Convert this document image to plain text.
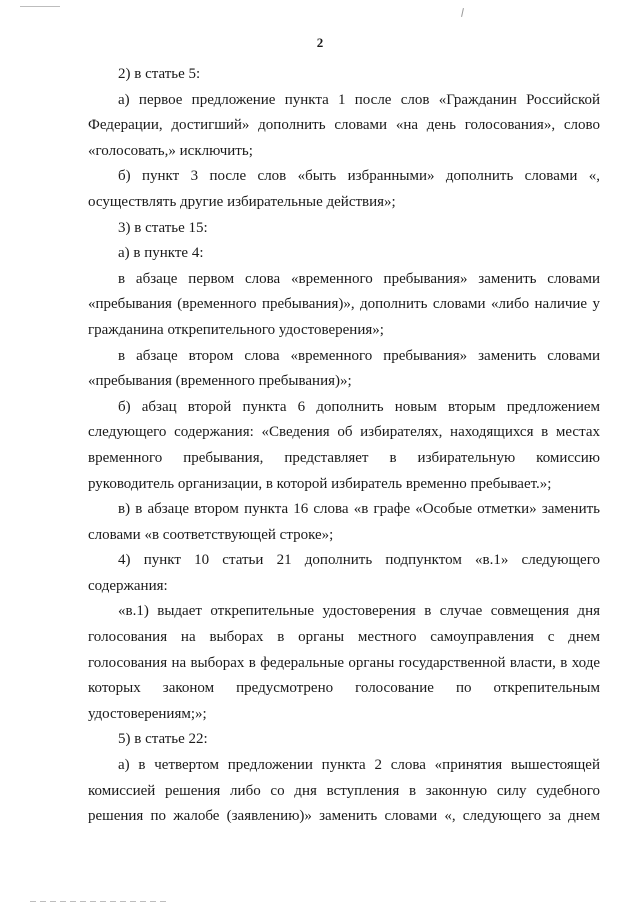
2

2) в статье 5:

а) первое предложение пункта 1 после слов «Гражданин Российской Федерации, достигший» дополнить словами «на день голосования», слово «голосовать,» исключить;

б) пункт 3 после слов «быть избранными» дополнить словами «, осуществлять другие избирательные действия»;

3) в статье 15:

а) в пункте 4:

в абзаце первом слова «временного пребывания» заменить словами «пребывания (временного пребывания)», дополнить словами «либо наличие у гражданина открепительного удостоверения»;

в абзаце втором слова «временного пребывания» заменить словами «пребывания (временного пребывания)»;

б) абзац второй пункта 6 дополнить новым вторым предложением следующего содержания: «Сведения об избирателях, находящихся в местах временного пребывания, представляет в избирательную комиссию руководитель организации, в которой избиратель временно пребывает.»;

в) в абзаце втором пункта 16 слова «в графе «Особые отметки» заменить словами «в соответствующей строке»;

4) пункт 10 статьи 21 дополнить подпунктом «в.1» следующего содержания:

«в.1) выдает открепительные удостоверения в случае совмещения дня голосования на выборах в органы местного самоуправления с днем голосования на выборах в федеральные органы государственной власти, в ходе которых законом предусмотрено голосование по открепительным удостоверениям;»;

5) в статье 22:

а) в четвертом предложении пункта 2 слова «принятия вышестоящей комиссией решения либо со дня вступления в законную силу судебного решения по жалобе (заявлению)» заменить словами «, следующего за днем
